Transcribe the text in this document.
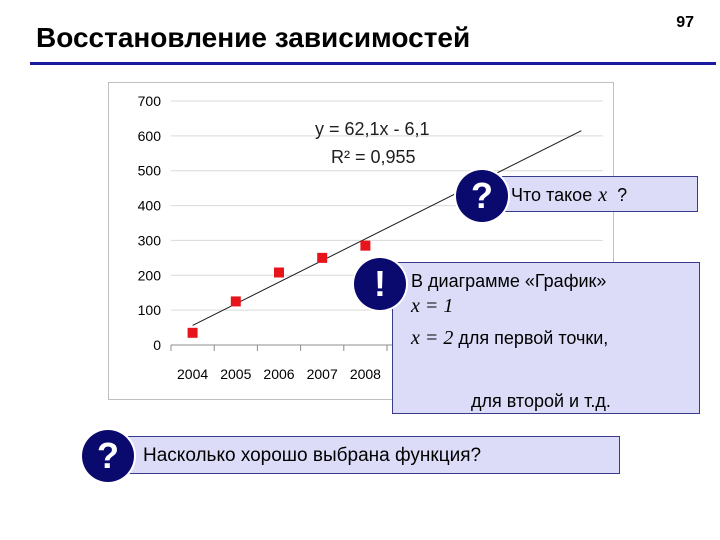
Восстановление зависимостей	97
0
100
200
300
400
500
600
700
2004 2005 2006 2007 2008
y = 62,1x - 6,1
R² = 0,955
Что такое x ?
?
В диаграмме «График»
x = 1
x = 2 для первой точки,
для второй и т.д.
!
Насколько хорошо выбрана функция?
?
